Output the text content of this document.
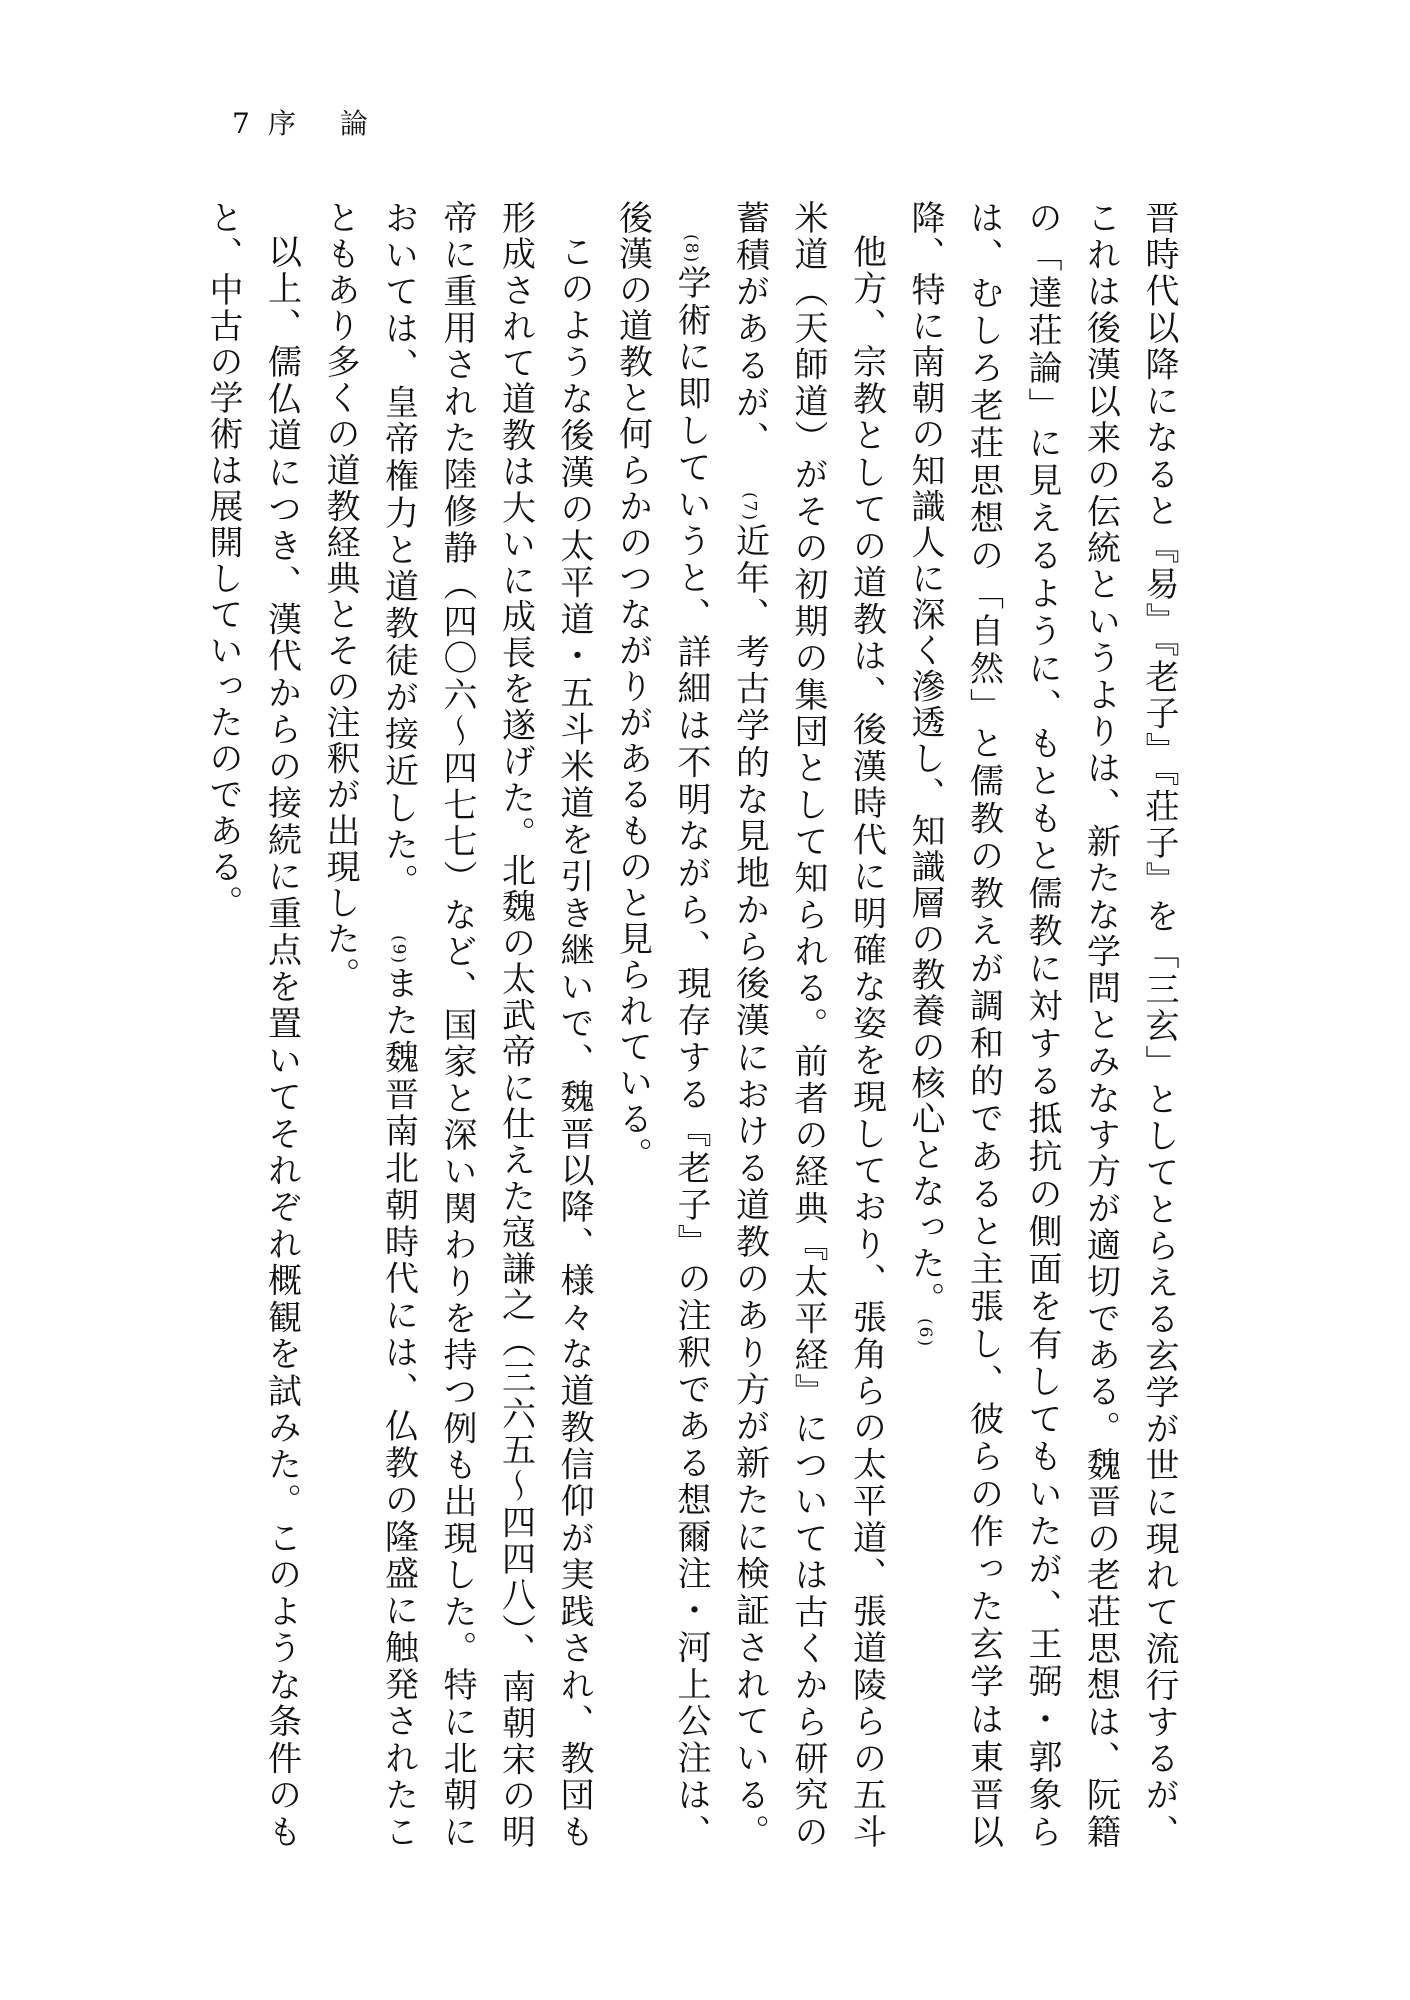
7 序論

晋時代以降になると『易』『老子』『荘子』を「三玄」としてとらえる玄学が世に現れて流行するが、これは後漢以来の伝統というよりは、新たな学問とみなす方が適切である。魏晋の老荘思想は、阮籍の「達荘論」に見えるように、もともと儒教に対する抵抗の側面を有してもいたが、王弼・郭象らは、むしろ老荘思想の「自然」と儒教の教えが調和的であると主張し、彼らの作った玄学は東晋以降、特に南朝の知識人に深く滲透し、知識層の教養の核心となった。(6)

他方、宗教としての道教は、後漢時代に明確な姿を現しており、張角らの太平道、張道陵らの五斗米道（天師道）がその初期の集団として知られる。前者の経典『太平経』については古くから研究の蓄積があるが、(7)近年、考古学的な見地から後漢における道教のあり方が新たに検証されている。(8)学術に即していうと、詳細は不明ながら、現存する『老子』の注釈である想爾注・河上公注は、後漢の道教と何らかのつながりがあるものと見られている。

このような後漢の太平道・五斗米道を引き継いで、魏晋以降、様々な道教信仰が実践され、教団も形成されて道教は大いに成長を遂げた。北魏の太武帝に仕えた寇謙之（三六五～四四八）、南朝宋の明帝に重用された陸修静（四〇六～四七七）など、国家と深い関わりを持つ例も出現した。特に北朝においては、皇帝権力と道教徒が接近した。(9)また魏晋南北朝時代には、仏教の隆盛に触発されたこともあり多くの道教経典とその注釈が出現した。

以上、儒仏道につき、漢代からの接続に重点を置いてそれぞれ概観を試みた。このような条件のもと、中古の学術は展開していったのである。
